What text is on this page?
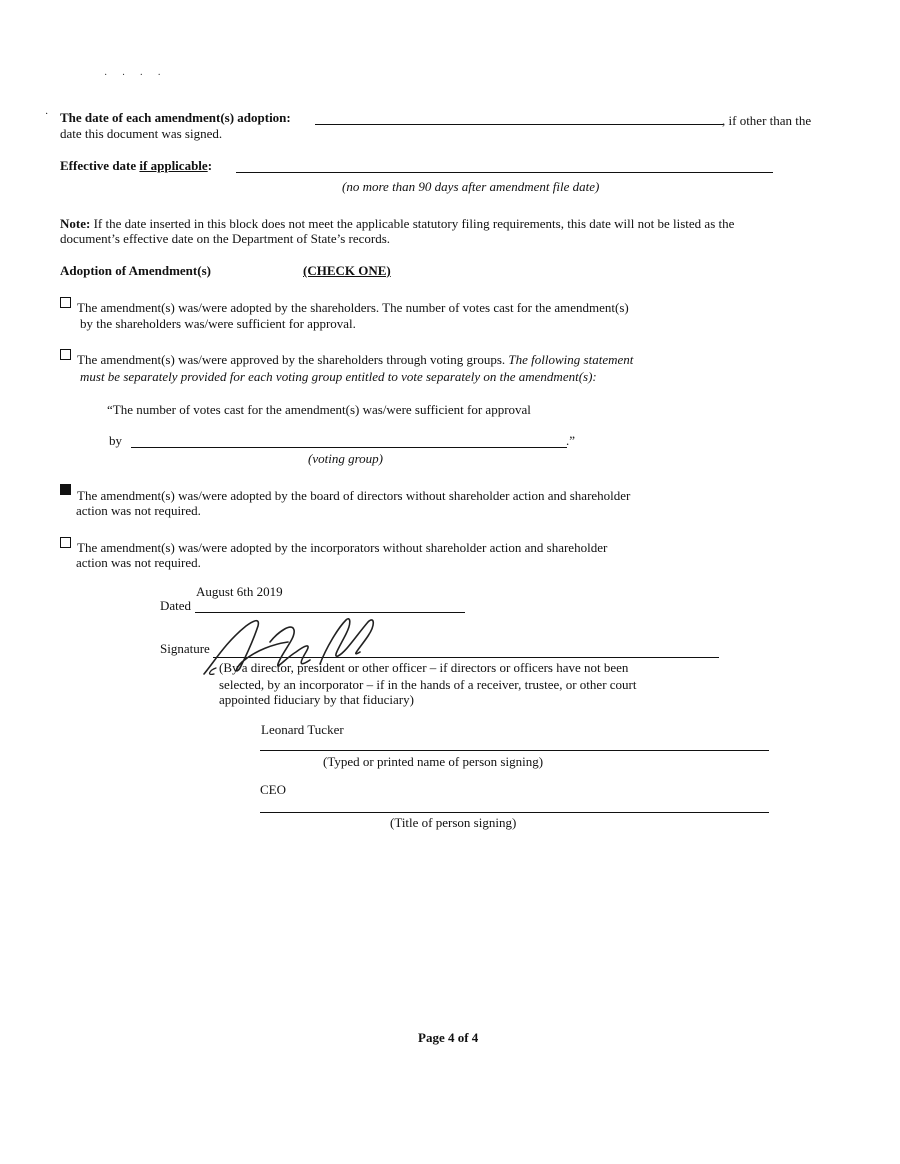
· · · ·
· The date of each amendment(s) adoption:	, if other than the
date this document was signed.
Effective date if applicable:
(no more than 90 days after amendment file date)
Note: If the date inserted in this block does not meet the applicable statutory filing requirements, this date will not be listed as the
document’s effective date on the Department of State’s records.
Adoption of Amendment(s)	(CHECK ONE)
The amendment(s) was/were adopted by the shareholders. The number of votes cast for the amendment(s)
by the shareholders was/were sufficient for approval.
The amendment(s) was/were approved by the shareholders through voting groups. The following statement
must be separately provided for each voting group entitled to vote separately on the amendment(s):
“The number of votes cast for the amendment(s) was/were sufficient for approval
by	.”
(voting group)
The amendment(s) was/were adopted by the board of directors without shareholder action and shareholder
action was not required.
The amendment(s) was/were adopted by the incorporators without shareholder action and shareholder
action was not required.
August 6th 2019
Dated
Signature
(By a director, president or other officer – if directors or officers have not been
selected, by an incorporator – if in the hands of a receiver, trustee, or other court
appointed fiduciary by that fiduciary)
Leonard Tucker
(Typed or printed name of person signing)
CEO
(Title of person signing)
Page 4 of 4
